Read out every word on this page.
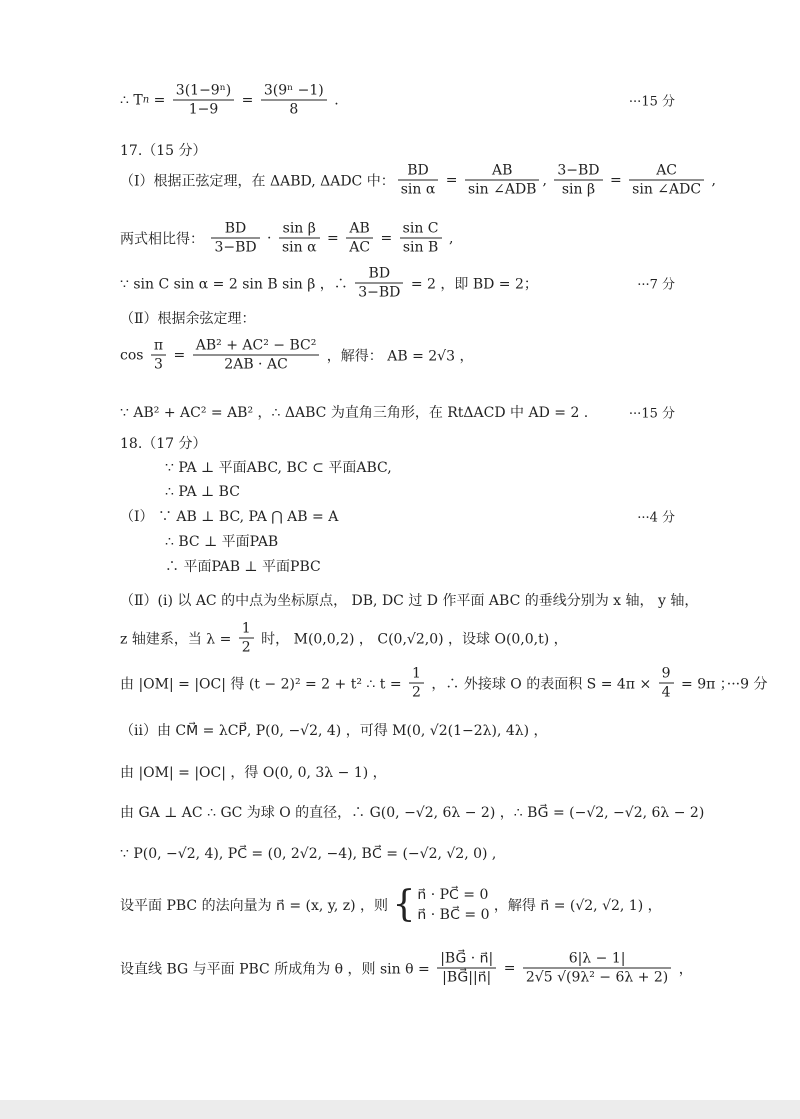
∴ T $n = \frac{\text{3(1−9ⁿ)}}{1-9} = \frac{\text{3(9ⁿ −1)}}{8}$ .	···15 分
17.（15 分）
（Ⅰ）根据正弦定理，在 ΔABD, ΔADC 中： $\frac{BD}{\text{sin α}} = \frac{AB}{\text{sin ∠ADB}}$ , $\frac{3-BD}{\text{sin β}} = \frac{AC}{\text{sin ∠ADC}}$ ,
两式相比得： $\frac{BD}{3-BD} \cdot \frac{\text{sin β}}{\text{sin α}} = \frac{AB}{AC} = \frac{\text{sin C}}{\text{sin B}}$ ,
∵ sin C sin α = 2 sin B sin β ，∴ $\frac{BD}{3-BD} = 2$ ，即 BD = 2；	···7 分
（Ⅱ）根据余弦定理：
$\cos \frac{\pi}{3} = \frac{\text{AB² + AC² − BC²}}{2AB \cdot AC}$ ，解得： AB = 2√3 ，
∵ AB² + AC² = AB² ，∴ ΔABC 为直角三角形，在 RtΔACD 中 AD = 2 .	···15 分
18.（17 分）
∵ PA ⊥ 平面ABC, BC ⊂ 平面ABC,
∴ PA ⊥ BC
（Ⅰ） ∵ AB ⊥ BC, PA ⋂ AB = A	···4 分
∴ BC ⊥ 平面PAB
∴ 平面PAB ⊥ 平面PBC
（Ⅱ）(ⅰ) 以 AC 的中点为坐标原点， DB, DC 过 D 作平面 ABC 的垂线分别为 x 轴， y 轴，
z 轴建系，当 $\lambda = \frac{1}{2}$ 时， M(0,0,2) ， C(0,√2,0) ，设球 O(0,0,t) ，
由 |OM| = |OC| 得 (t − 2)² = 2 + t² ∴ $t = \frac{1}{2}$ ，∴ 外接球 O 的表面积 $S = 4\pi \times \frac{9}{4} = 9\pi$ ；···9 分
（ⅱ）由 CM⃗ = λCP⃗, P(0, −√2, 4) ，可得 M(0, √2(1−2λ), 4λ) ，
由 |OM| = |OC| ，得 O(0, 0, 3λ − 1) ，
由 GA ⊥ AC ∴ GC 为球 O 的直径，∴ G(0, −√2, 6λ − 2) ，∴ BG⃗ = (−√2, −√2, 6λ − 2)
∵ P(0, −√2, 4), PC⃗ = (0, 2√2, −4), BC⃗ = (−√2, √2, 0) ,
设平面 PBC 的法向量为 n⃗ = (x, y, z) ，则 { n⃗ · PC⃗ = 0
n⃗ · BC⃗ = 0
，解得 n⃗ = (√2, √2, 1) ，
设直线 BG 与平面 PBC 所成角为 θ ，则 $\sin \theta = \frac{|BG⃗ \cdot n⃗|}{|BG⃗||n⃗|} = \frac{6|\lambda - 1|}{\text{2√5 √(9λ² − 6λ + 2)}}$ ，
